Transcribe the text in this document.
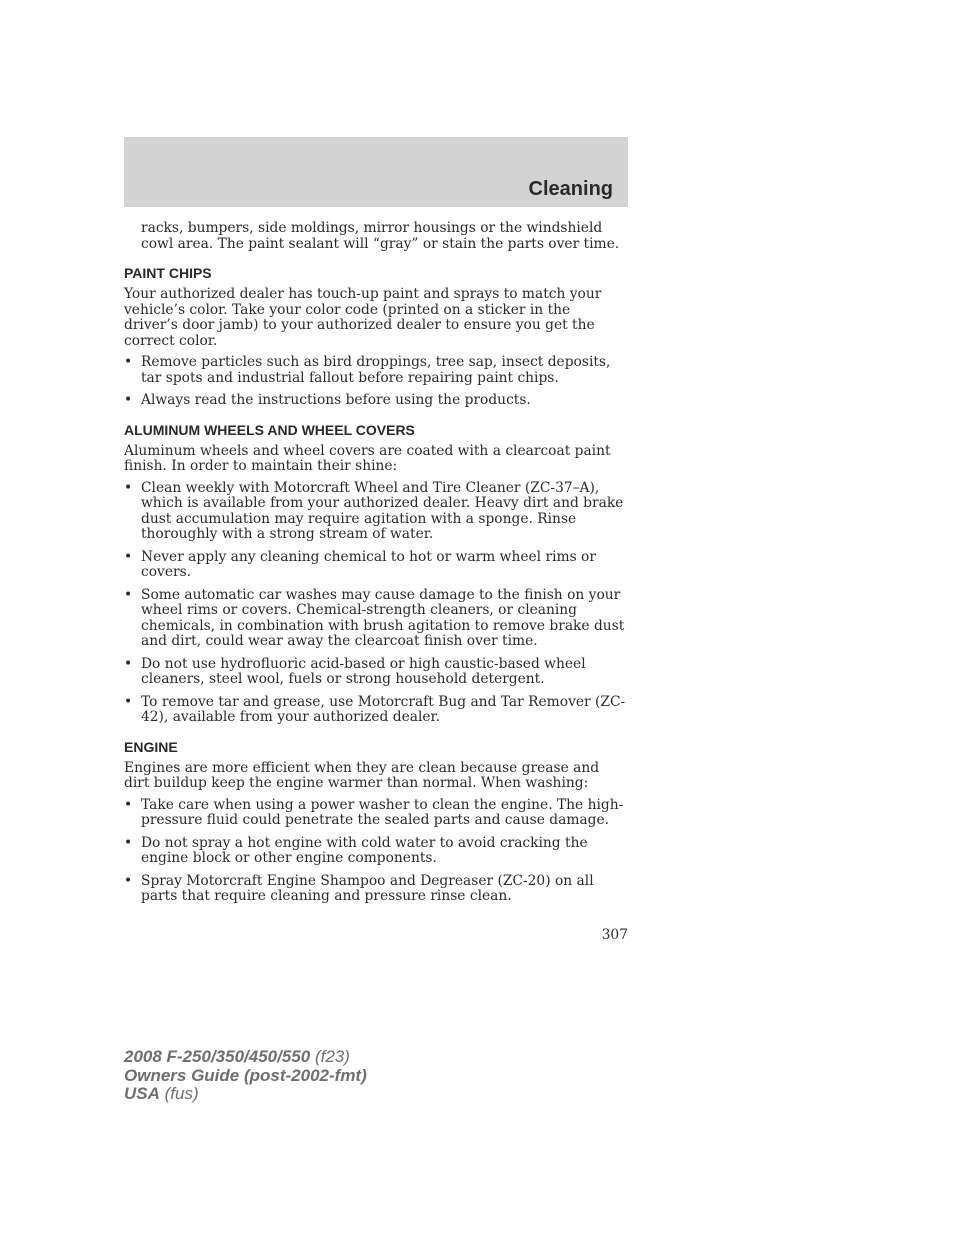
Cleaning

racks, bumpers, side moldings, mirror housings or the windshield cowl area. The paint sealant will “gray” or stain the parts over time.

PAINT CHIPS

Your authorized dealer has touch-up paint and sprays to match your vehicle’s color. Take your color code (printed on a sticker in the driver’s door jamb) to your authorized dealer to ensure you get the correct color.

• Remove particles such as bird droppings, tree sap, insect deposits, tar spots and industrial fallout before repairing paint chips.
• Always read the instructions before using the products.
ALUMINUM WHEELS AND WHEEL COVERS

Aluminum wheels and wheel covers are coated with a clearcoat paint finish. In order to maintain their shine:

• Clean weekly with Motorcraft Wheel and Tire Cleaner (ZC-37–A), which is available from your authorized dealer. Heavy dirt and brake dust accumulation may require agitation with a sponge. Rinse thoroughly with a strong stream of water.
• Never apply any cleaning chemical to hot or warm wheel rims or covers.
• Some automatic car washes may cause damage to the finish on your wheel rims or covers. Chemical-strength cleaners, or cleaning chemicals, in combination with brush agitation to remove brake dust and dirt, could wear away the clearcoat finish over time.
• Do not use hydrofluoric acid-based or high caustic-based wheel cleaners, steel wool, fuels or strong household detergent.
• To remove tar and grease, use Motorcraft Bug and Tar Remover (ZC-42), available from your authorized dealer.
ENGINE

Engines are more efficient when they are clean because grease and dirt buildup keep the engine warmer than normal. When washing:

• Take care when using a power washer to clean the engine. The high-pressure fluid could penetrate the sealed parts and cause damage.
• Do not spray a hot engine with cold water to avoid cracking the engine block or other engine components.
• Spray Motorcraft Engine Shampoo and Degreaser (ZC-20) on all parts that require cleaning and pressure rinse clean.
307
2008 F-250/350/450/550 (f23)
Owners Guide (post-2002-fmt)
USA (fus)
